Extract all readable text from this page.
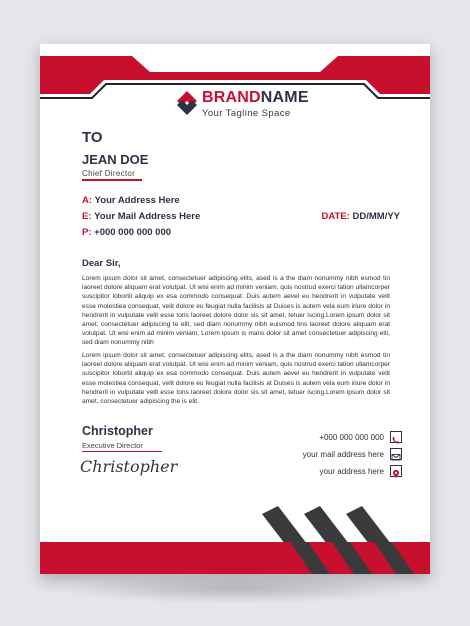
BRANDNAME
Your Tagline Space
TO
JEAN DOE
Chief Director
A: Your Address Here
E: Your Mail Address Here
P: +000 000 000 000
DATE: DD/MM/YY
Dear Sir,
Lorem ipsum dolor sit amet, consectetuer adipiscing elits, ased is a the diam nonummy nibh esmod tin laoreet dolore aliquam erat volutpat. Ut wisi enim ad minim veniam, quis nostrud exerci tation ullamcorper suscipitor lobortil aliquip ex esa commodo consequat. Duis autem aevel eu hendrerit in vulputate velit esse molestiea consequat, velit dolore eu feugiat nulla facilisis at Duises is autem vela eum iriure dolor in hendrerit in vulputate velit esse tons laoreet dolore dolor sis sit amet, tetuer iscing.Lorem ipsum dolor sit amet, consectetuer adipiscing te elit, sed diam nonummy nibh euismod tins laoreet dolore aliquam erat volutpat. Ut wisi enim ad minim veniam, Lorem ipsum is mans dolor sit amet consectetuer adipiscing elit, sed diam nonummy nibh
Lorem ipsum dolor sit amet, consectetuer adipiscing elits, ased is a the diam nonummy nibh esmod tin laoreet dolore aliquam erat volutpat. Ut wisi enim ad minim veniam, quis nostrud exerci tation ullamcorper suscipitor lobortil aliquip ex esa commodo consequat. Duis autem aevel eu hendrerit in vulputate velit esse molestiea consequat, velit dolore eu feugiat nulla facilisis at Duises is autem vela eum iriure dolor in hendrerit in vulputate velit esse tons laoreet dolore dolor sis sit amet, tetuer iscing.Lorem ipsum dolor sit amet, consectetuer adipiscing the is elit.
Christopher
Executive Director
Christopher
+000 000 000 000
your mail address here
your address here
